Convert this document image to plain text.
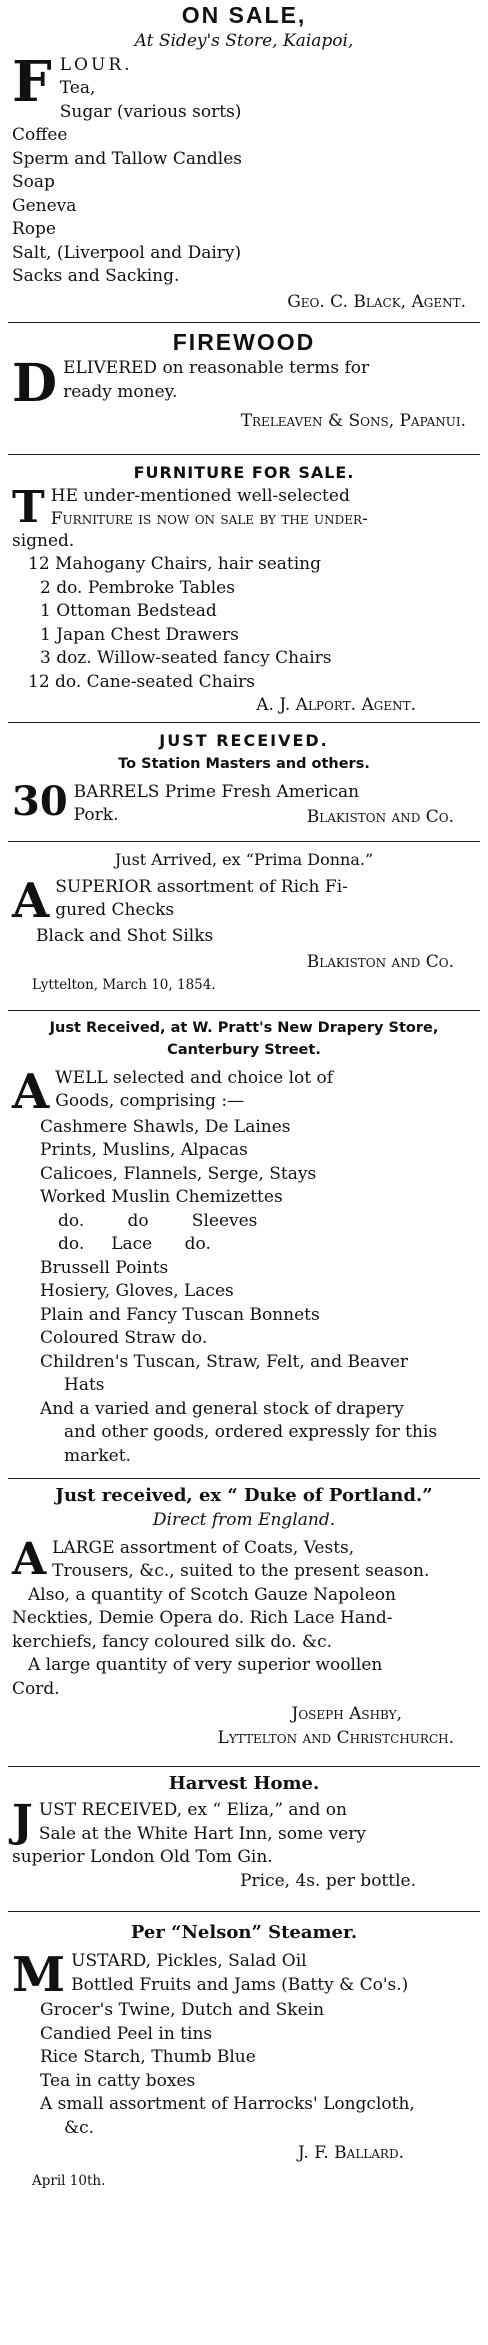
ON SALE,
At Sidey's Store, Kaiapoi,
F LOUR.
Tea,
Sugar (various sorts)
Coffee
Sperm and Tallow Candles
Soap
Geneva
Rope
Salt, (Liverpool and Dairy)
Sacks and Sacking.
Geo. C. Black, Agent.
FIREWOOD
D ELIVERED on reasonable terms for
ready money.
Treleaven & Sons, Papanui.
FURNITURE FOR SALE.
T HE under-mentioned well-selected
Furniture is now on sale by the under-
signed.
12 Mahogany Chairs, hair seating
2 do. Pembroke Tables
1 Ottoman Bedstead
1 Japan Chest Drawers
3 doz. Willow-seated fancy Chairs
12 do. Cane-seated Chairs
A. J. Alport. Agent.
JUST RECEIVED.
To Station Masters and others.
30 BARRELS Prime Fresh American
Pork.	Blakiston and Co.
Just Arrived, ex “Prima Donna.”
A SUPERIOR assortment of Rich Fi-
gured Checks
Black and Shot Silks
Blakiston and Co.
Lyttelton, March 10, 1854.
Just Received, at W. Pratt's New Drapery Store,
Canterbury Street.
A WELL selected and choice lot of
Goods, comprising :—
Cashmere Shawls, De Laines
Prints, Muslins, Alpacas
Calicoes, Flannels, Serge, Stays
Worked Muslin Chemizettes
do.        do        Sleeves
do.     Lace      do.
Brussell Points
Hosiery, Gloves, Laces
Plain and Fancy Tuscan Bonnets
Coloured Straw do.
Children's Tuscan, Straw, Felt, and Beaver
Hats
And a varied and general stock of drapery
and other goods, ordered expressly for this
market.
Just received, ex “ Duke of Portland.”
Direct from England.
A LARGE assortment of Coats, Vests,
Trousers, &c., suited to the present season.
Also, a quantity of Scotch Gauze Napoleon
Neckties, Demie Opera do. Rich Lace Hand-
kerchiefs, fancy coloured silk do. &c.
A large quantity of very superior woollen
Cord.
Joseph Ashby,
Lyttelton and Christchurch.
Harvest Home.
J UST RECEIVED, ex “ Eliza,” and on
Sale at the White Hart Inn, some very
superior London Old Tom Gin.
Price, 4s. per bottle.
Per “Nelson” Steamer.
M USTARD, Pickles, Salad Oil
Bottled Fruits and Jams (Batty & Co's.)
Grocer's Twine, Dutch and Skein
Candied Peel in tins
Rice Starch, Thumb Blue
Tea in catty boxes
A small assortment of Harrocks' Longcloth,
&c.
J. F. Ballard.
April 10th.
